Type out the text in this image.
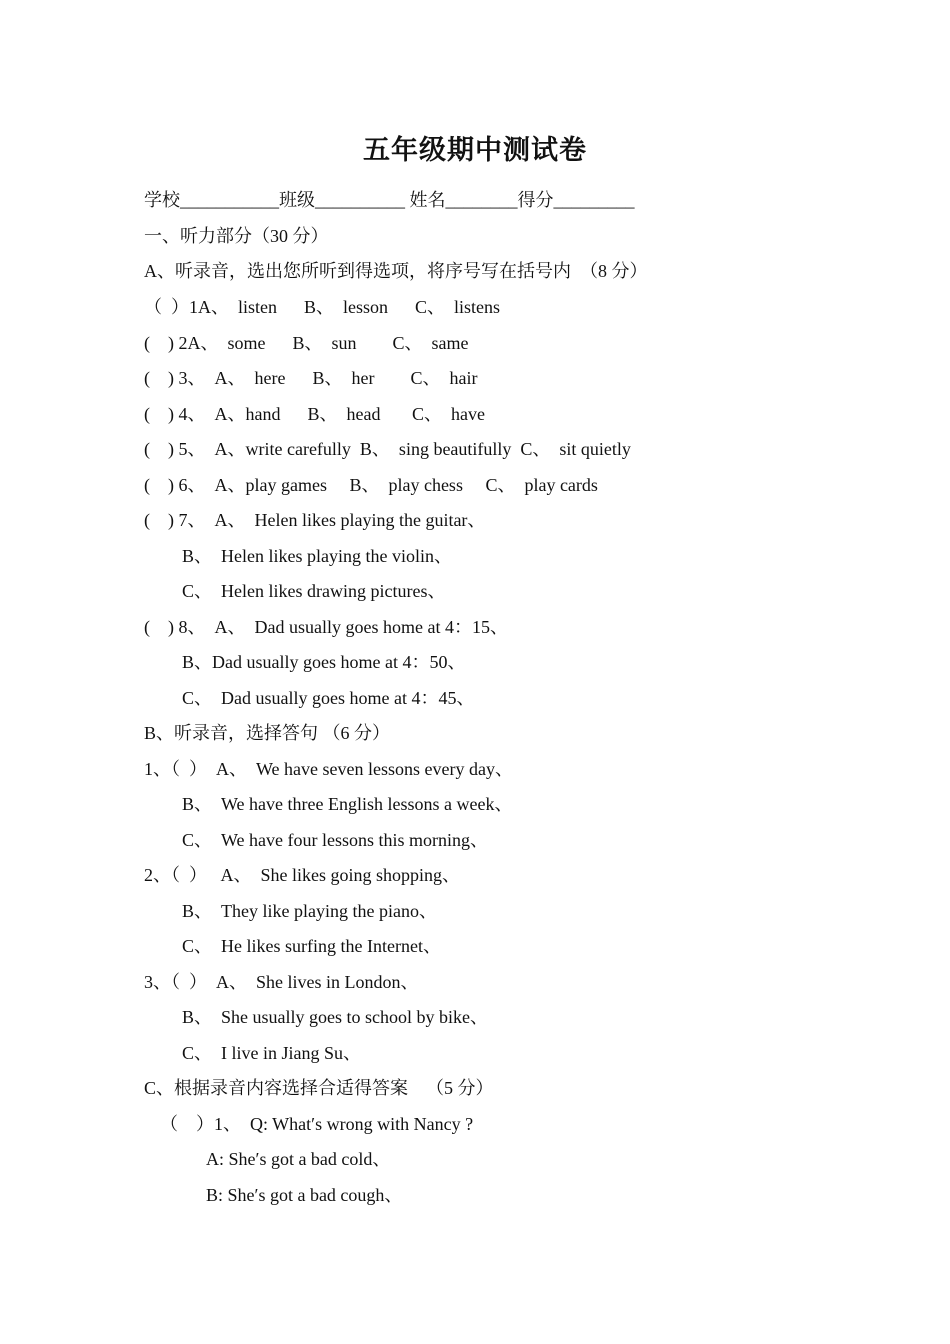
五年级期中测试卷
学校___________班级__________ 姓名________得分_________
一、听力部分（30 分）
A、听录音，选出您所听到得选项，将序号写在括号内  （8 分）
（  ）1A、  listen      B、  lesson      C、  listens
(    ) 2A、  some      B、  sun        C、  same
(    ) 3、  A、  here      B、  her        C、  hair
(    ) 4、  A、hand      B、  head       C、  have
(    ) 5、  A、write carefully  B、  sing beautifully  C、  sit quietly
(    ) 6、  A、play games     B、  play chess     C、  play cards
(    ) 7、  A、  Helen likes playing the guitar、
B、  Helen likes playing the violin、
C、  Helen likes drawing pictures、
(    ) 8、  A、  Dad usually goes home at 4：15、
B、Dad usually goes home at 4：50、
C、  Dad usually goes home at 4：45、
B、听录音，选择答句 （6 分）
1、（  ）  A、  We have seven lessons every day、
B、  We have three English lessons a week、
C、  We have four lessons this morning、
2、（  ）   A、  She likes going shopping、
B、  They like playing the piano、
C、  He likes surfing the Internet、
3、（  ）  A、  She lives in London、
B、  She usually goes to school by bike、
C、  I live in Jiang Su、
C、根据录音内容选择合适得答案    （5 分）
（    ）1、  Q: What′s wrong with Nancy ?
A: She′s got a bad cold、
B: She′s got a bad cough、
